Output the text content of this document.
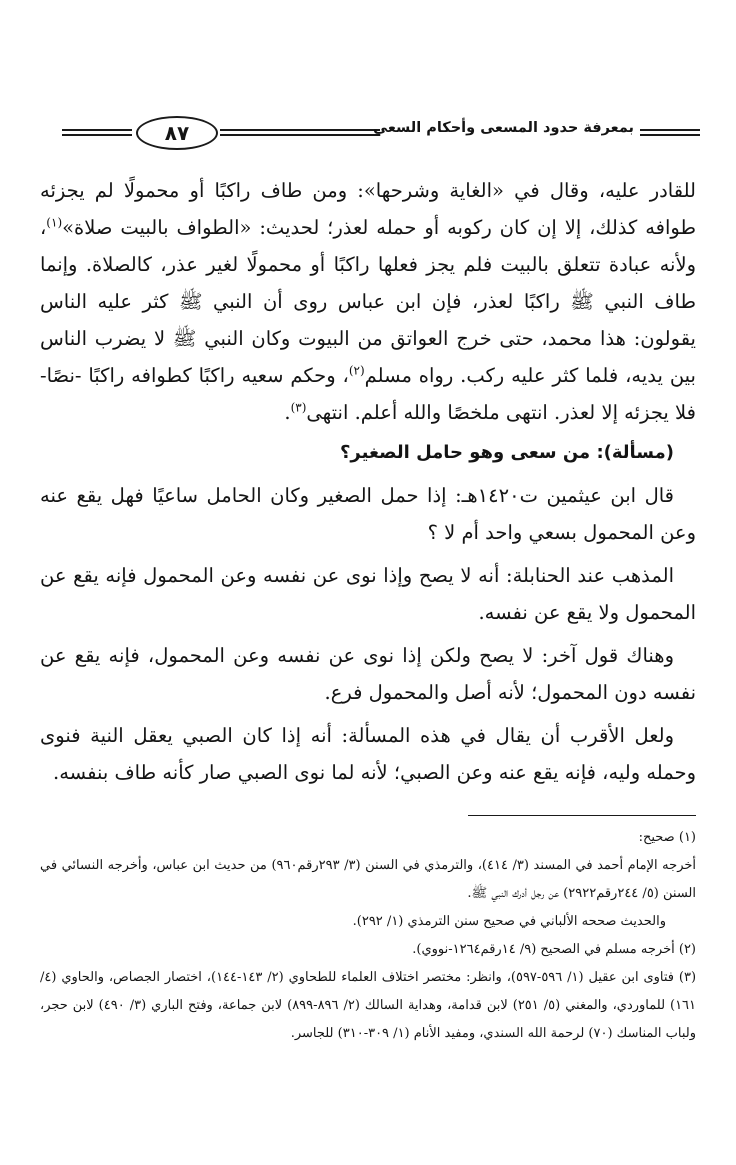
٨٧	بمعرفة حدود المسعى وأحكام السعي

للقادر عليه، وقال في «الغاية وشرحها»: ومن طاف راكبًا أو محمولًا لم يجزئه طوافه كذلك، إلا إن كان ركوبه أو حمله لعذر؛ لحديث: «الطواف بالبيت صلاة»$^{(١)}$، ولأنه عبادة تتعلق بالبيت فلم يجز فعلها راكبًا أو محمولًا لغير عذر، كالصلاة. وإنما طاف النبي ﷺ راكبًا لعذر، فإن ابن عباس روى أن النبي ﷺ كثر عليه الناس يقولون: هذا محمد، حتى خرج العواتق من البيوت وكان النبي ﷺ لا يضرب الناس بين يديه، فلما كثر عليه ركب. رواه مسلم$^{(٢)}$، وحكم سعيه راكبًا كطوافه راكبًا -نصًا- فلا يجزئه إلا لعذر. انتهى ملخصًا والله أعلم. انتهى$^{(٣)}$.

(مسألة): من سعى وهو حامل الصغير؟

قال ابن عيثمين ت١٤٢٠هـ: إذا حمل الصغير وكان الحامل ساعيًا فهل يقع عنه وعن المحمول بسعي واحد أم لا ؟

المذهب عند الحنابلة: أنه لا يصح وإذا نوى عن نفسه وعن المحمول فإنه يقع عن المحمول ولا يقع عن نفسه.

وهناك قول آخر: لا يصح ولكن إذا نوى عن نفسه وعن المحمول، فإنه يقع عن نفسه دون المحمول؛ لأنه أصل والمحمول فرع.

ولعل الأقرب أن يقال في هذه المسألة: أنه إذا كان الصبي يعقل النية فنوى وحمله وليه، فإنه يقع عنه وعن الصبي؛ لأنه لما نوى الصبي صار كأنه طاف بنفسه.

(١) صحيح:

أخرجه الإمام أحمد في المسند (٣/ ٤١٤)، والترمذي في السنن (٣/ ٢٩٣رقم٩٦٠) من حديث ابن عباس، وأخرجه النسائي في السنن (٥/ ٢٤٤رقم٢٩٢٢) عن رجل أدرك النبي ﷺ.

والحديث صححه الألباني في صحيح سنن الترمذي (١/ ٢٩٢).

(٢) أخرجه مسلم في الصحيح (٩/ ١٤رقم١٢٦٤-نووي).

(٣) فتاوى ابن عقيل (١/ ٥٩٦-٥٩٧)، وانظر: مختصر اختلاف العلماء للطحاوي (٢/ ١٤٣-١٤٤)، اختصار الجصاص، والحاوي (٤/ ١٦١) للماوردي، والمغني (٥/ ٢٥١) لابن قدامة، وهداية السالك (٢/ ٨٩٦-٨٩٩) لابن جماعة، وفتح الباري (٣/ ٤٩٠) لابن حجر، ولباب المناسك (٧٠) لرحمة الله السندي، ومفيد الأنام (١/ ٣٠٩-٣١٠) للجاسر.
